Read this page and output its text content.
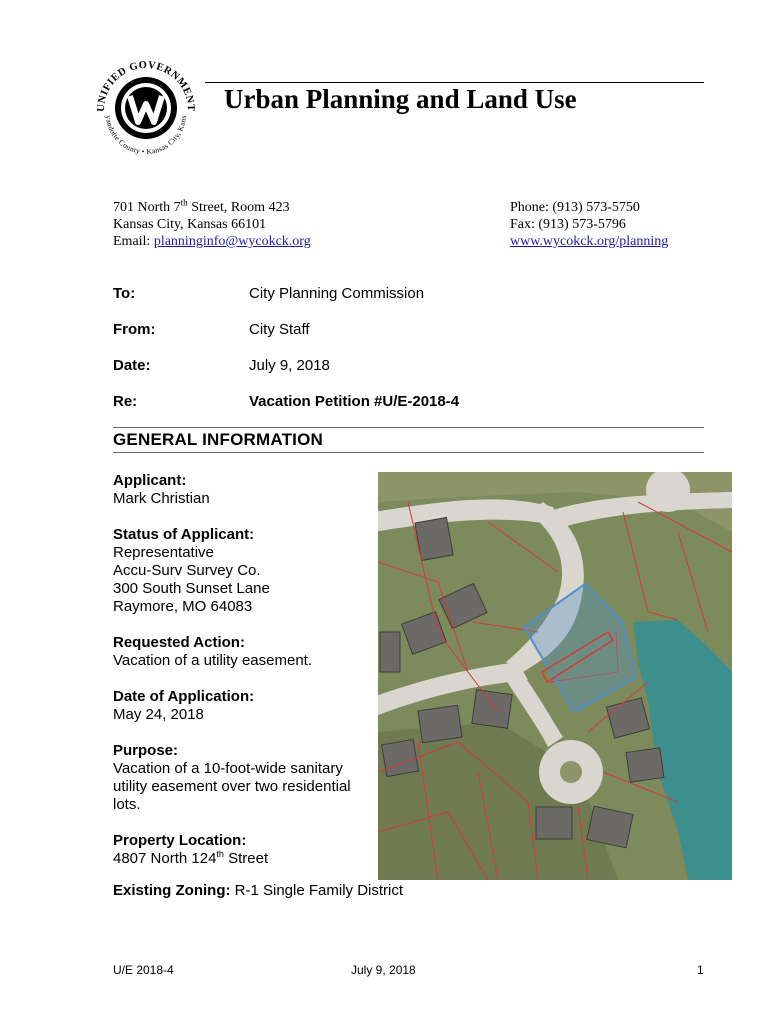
UNIFIED GOVERNMENT
yandotte County • Kansas City, Kans
Urban Planning and Land Use
701 North 7th Street, Room 423
Kansas City, Kansas 66101
Email: planninginfo@wycokck.org
Phone: (913) 573-5750
Fax: (913) 573-5796
www.wycokck.org/planning
To:	City Planning Commission
From:	City Staff
Date:	July 9, 2018
Re:	Vacation Petition #U/E-2018-4
GENERAL INFORMATION
Applicant:
Mark Christian
Status of Applicant:
Representative
Accu-Surv Survey Co.
300 South Sunset Lane
Raymore, MO 64083
Requested Action:
Vacation of a utility easement.
Date of Application:
May 24, 2018
Purpose:
Vacation of a 10-foot-wide sanitary utility easement over two residential lots.
Property Location:
4807 North 124th Street
Existing Zoning: R-1 Single Family District
U/E 2018-4	July 9, 2018	1
